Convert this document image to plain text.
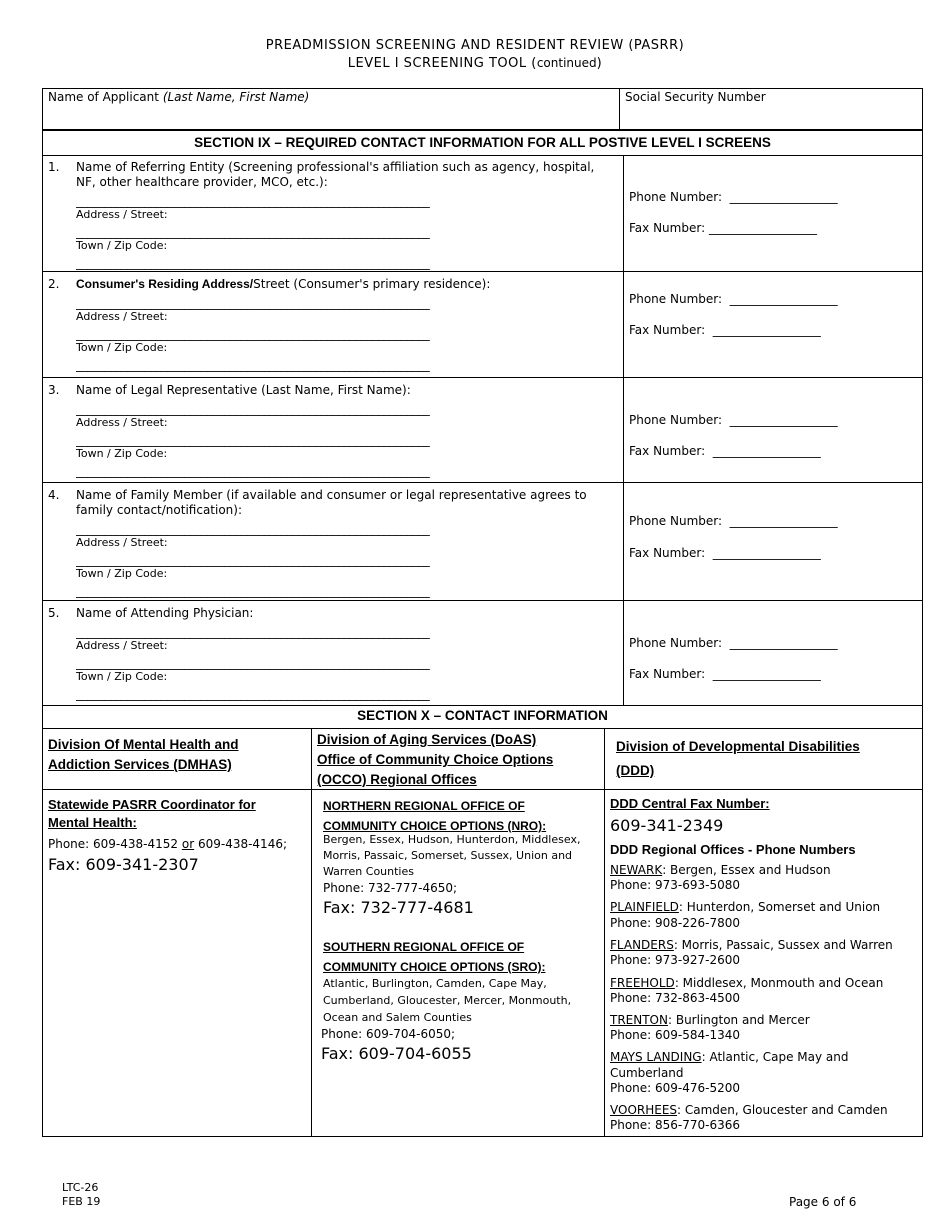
PREADMISSION SCREENING AND RESIDENT REVIEW (PASRR)
LEVEL I SCREENING TOOL (continued)
Name of Applicant (Last Name, First Name)	Social Security Number
SECTION IX – REQUIRED CONTACT INFORMATION FOR ALL POSTIVE LEVEL I SCREENS
1. Name of Referring Entity (Screening professional's affiliation such as agency, hospital,
NF, other healthcare provider, MCO, etc.):
______________________________________________________________
Address / Street:
______________________________________________________________
Town / Zip Code:
______________________________________________________________
Phone Number: __________________
Fax Number: __________________
2. Consumer's Residing Address/Street (Consumer's primary residence):
______________________________________________________________
Address / Street:
______________________________________________________________
Town / Zip Code:
______________________________________________________________
Phone Number: __________________
Fax Number: __________________
3. Name of Legal Representative (Last Name, First Name):
______________________________________________________________
Address / Street:
______________________________________________________________
Town / Zip Code:
______________________________________________________________
Phone Number: __________________
Fax Number: __________________
4. Name of Family Member (if available and consumer or legal representative agrees to
family contact/notification):
______________________________________________________________
Address / Street:
______________________________________________________________
Town / Zip Code:
______________________________________________________________
Phone Number: __________________
Fax Number: __________________
5. Name of Attending Physician:
______________________________________________________________
Address / Street:
______________________________________________________________
Town / Zip Code:
______________________________________________________________
Phone Number: __________________
Fax Number: __________________
SECTION X – CONTACT INFORMATION
Division Of Mental Health and
Addiction Services (DMHAS)
Division of Aging Services (DoAS)
Office of Community Choice Options
(OCCO) Regional Offices
Division of Developmental Disabilities
(DDD)
Statewide PASRR Coordinator for
Mental Health:
Phone: 609-438-4152 or 609-438-4146;
Fax: 609-341-2307
NORTHERN REGIONAL OFFICE OF
COMMUNITY CHOICE OPTIONS (NRO):
Bergen, Essex, Hudson, Hunterdon, Middlesex,
Morris, Passaic, Somerset, Sussex, Union and
Warren Counties
Phone: 732-777-4650;
Fax: 732-777-4681
SOUTHERN REGIONAL OFFICE OF
COMMUNITY CHOICE OPTIONS (SRO):
Atlantic, Burlington, Camden, Cape May,
Cumberland, Gloucester, Mercer, Monmouth,
Ocean and Salem Counties
Phone: 609-704-6050;
Fax: 609-704-6055
DDD Central Fax Number:
609-341-2349
DDD Regional Offices - Phone Numbers
NEWARK: Bergen, Essex and Hudson
Phone: 973-693-5080
PLAINFIELD: Hunterdon, Somerset and Union
Phone: 908-226-7800
FLANDERS: Morris, Passaic, Sussex and Warren
Phone: 973-927-2600
FREEHOLD: Middlesex, Monmouth and Ocean
Phone: 732-863-4500
TRENTON: Burlington and Mercer
Phone: 609-584-1340
MAYS LANDING: Atlantic, Cape May and
Cumberland
Phone: 609-476-5200
VOORHEES: Camden, Gloucester and Camden
Phone: 856-770-6366
LTC-26
FEB 19	Page 6 of 6
